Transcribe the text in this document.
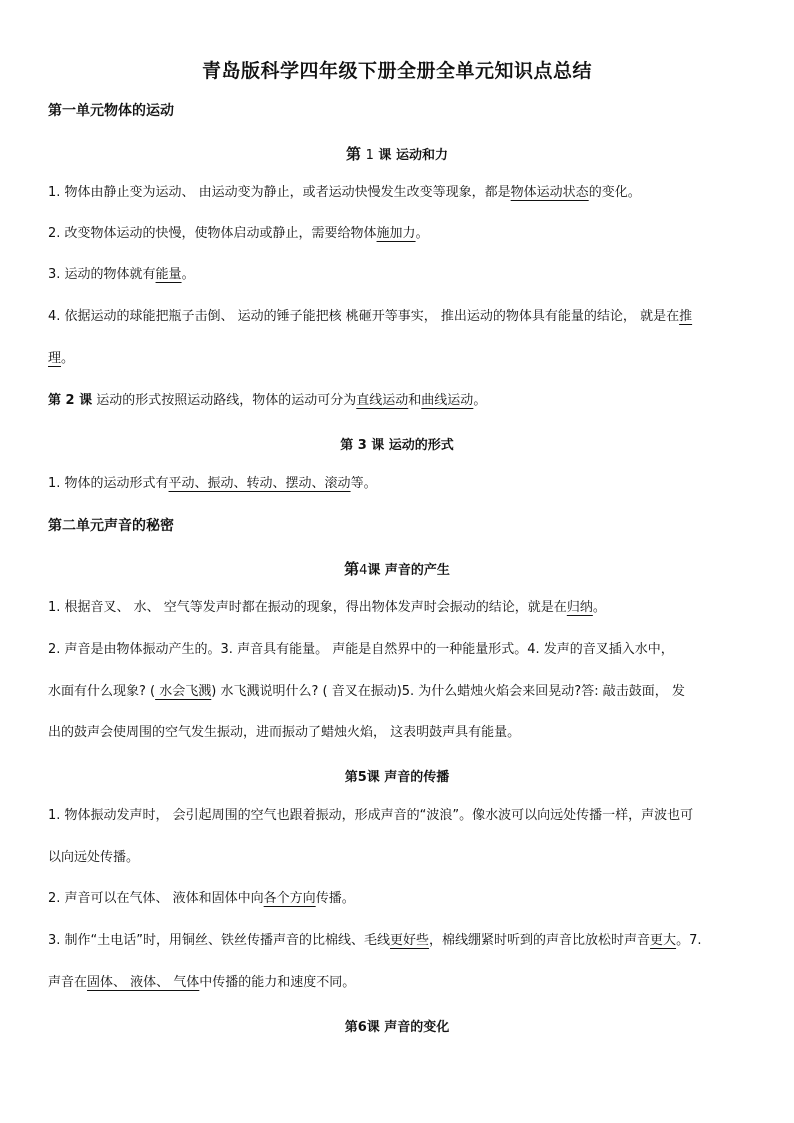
青岛版科学四年级下册全册全单元知识点总结
第一单元物体的运动
第 1 课 运动和力
1. 物体由静止变为运动、 由运动变为静止，或者运动快慢发生改变等现象，都是物体运动状态的变化。
2. 改变物体运动的快慢，使物体启动或静止，需要给物体施加力。
3. 运动的物体就有能量。
4. 依据运动的球能把瓶子击倒、 运动的锤子能把核 桃砸开等事实， 推出运动的物体具有能量的结论， 就是在推
理。
第 2 课 运动的形式按照运动路线，物体的运动可分为直线运动和曲线运动。
第 3 课 运动的形式
1. 物体的运动形式有平动、振动、转动、摆动、滚动等。
第二单元声音的秘密
第4课 声音的产生
1. 根据音叉、 水、 空气等发声时都在振动的现象，得出物体发声时会振动的结论，就是在归纳。
2. 声音是由物体振动产生的。3. 声音具有能量。 声能是自然界中的一种能量形式。4. 发声的音叉插入水中，
水面有什么现象? ( 水会飞溅) 水飞溅说明什么? ( 音叉在振动)5. 为什么蜡烛火焰会来回晃动?答: 敲击鼓面， 发
出的鼓声会使周围的空气发生振动，进而振动了蜡烛火焰， 这表明鼓声具有能量。
第5课 声音的传播
1. 物体振动发声时， 会引起周围的空气也跟着振动，形成声音的“波浪”。像水波可以向远处传播一样，声波也可
以向远处传播。
2. 声音可以在气体、 液体和固体中向各个方向传播。
3. 制作“土电话”时，用铜丝、铁丝传播声音的比棉线、毛线更好些，棉线绷紧时听到的声音比放松时声音更大。7.
声音在固体、 液体、 气体中传播的能力和速度不同。
第6课 声音的变化
